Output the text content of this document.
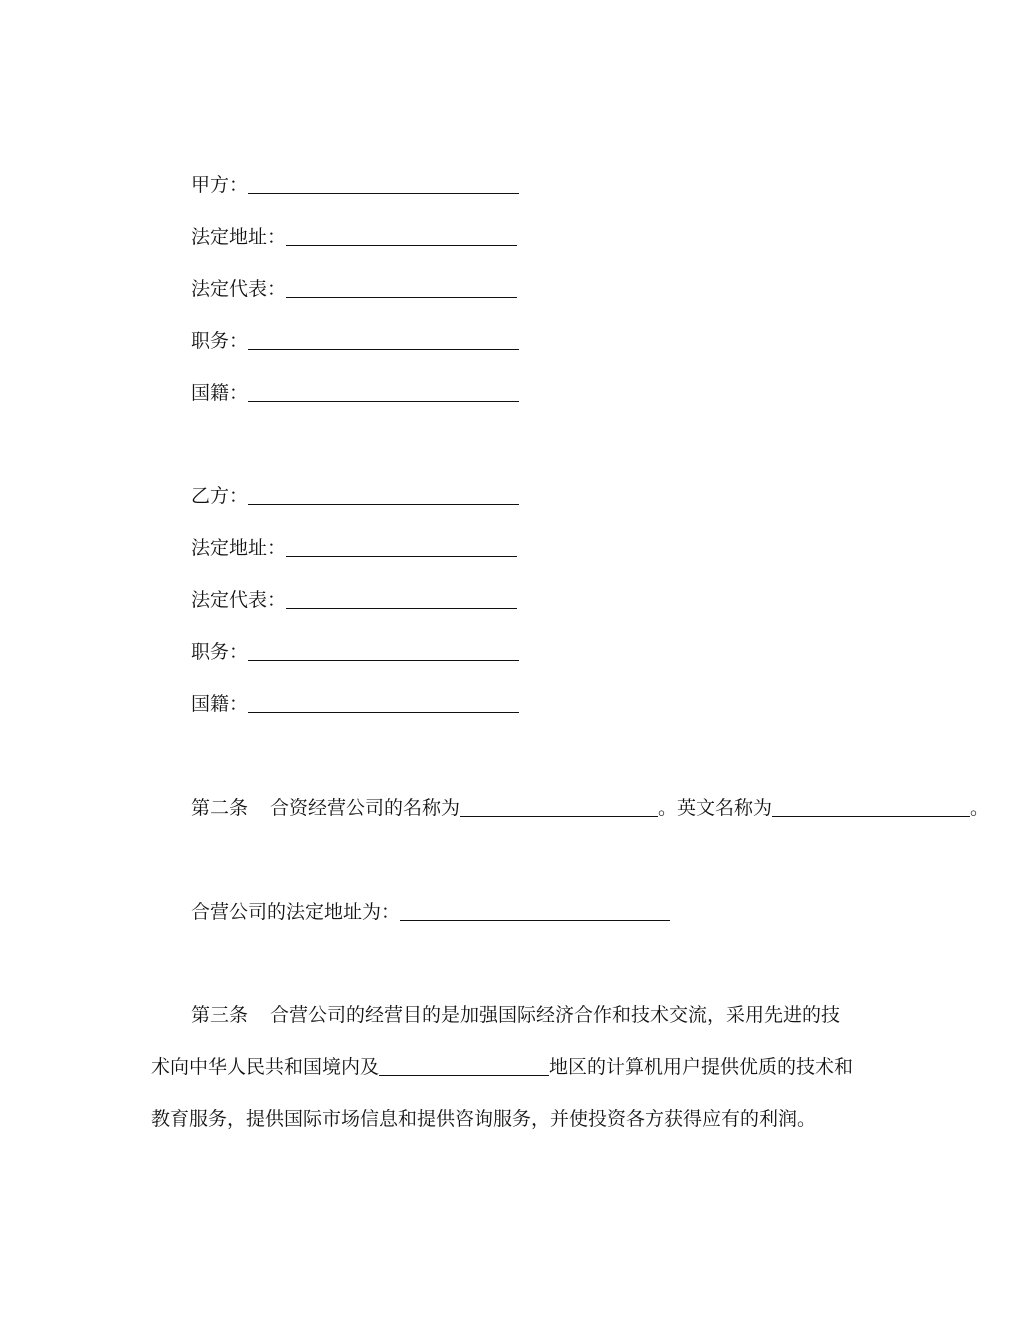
甲方：
法定地址：
法定代表：
职务：
国籍：
乙方：
法定地址：
法定代表：
职务：
国籍：
第二条 合资经营公司的名称为	。英文名称为	。
合营公司的法定地址为：
第三条 合营公司的经营目的是加强国际经济合作和技术交流，采用先进的技
术向中华人民共和国境内及	地区的计算机用户提供优质的技术和
教育服务，提供国际市场信息和提供咨询服务，并使投资各方获得应有的利润。
